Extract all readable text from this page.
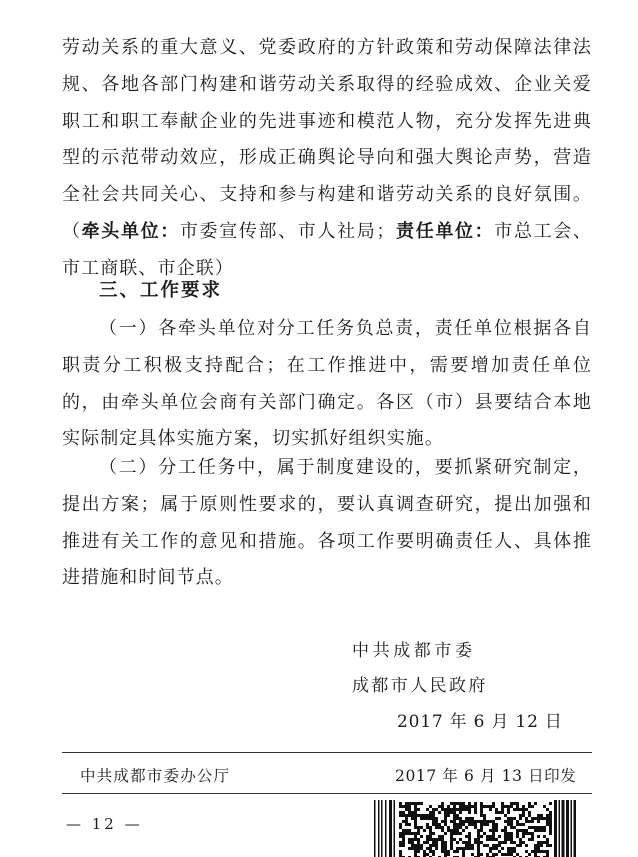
劳动关系的重大意义、党委政府的方针政策和劳动保障法律法规、各地各部门构建和谐劳动关系取得的经验成效、企业关爱职工和职工奉献企业的先进事迹和模范人物，充分发挥先进典型的示范带动效应，形成正确舆论导向和强大舆论声势，营造全社会共同关心、支持和参与构建和谐劳动关系的良好氛围。（牵头单位：市委宣传部、市人社局；责任单位：市总工会、市工商联、市企联）

三、工作要求

（一）各牵头单位对分工任务负总责，责任单位根据各自职责分工积极支持配合；在工作推进中，需要增加责任单位的，由牵头单位会商有关部门确定。各区（市）县要结合本地实际制定具体实施方案，切实抓好组织实施。

（二）分工任务中，属于制度建设的，要抓紧研究制定，提出方案；属于原则性要求的，要认真调查研究，提出加强和推进有关工作的意见和措施。各项工作要明确责任人、具体推进措施和时间节点。

中共成都市委

成都市人民政府

2017 年 6 月 12 日

中共成都市委办公厅	2017 年 6 月 13 日印发

— 12 —
